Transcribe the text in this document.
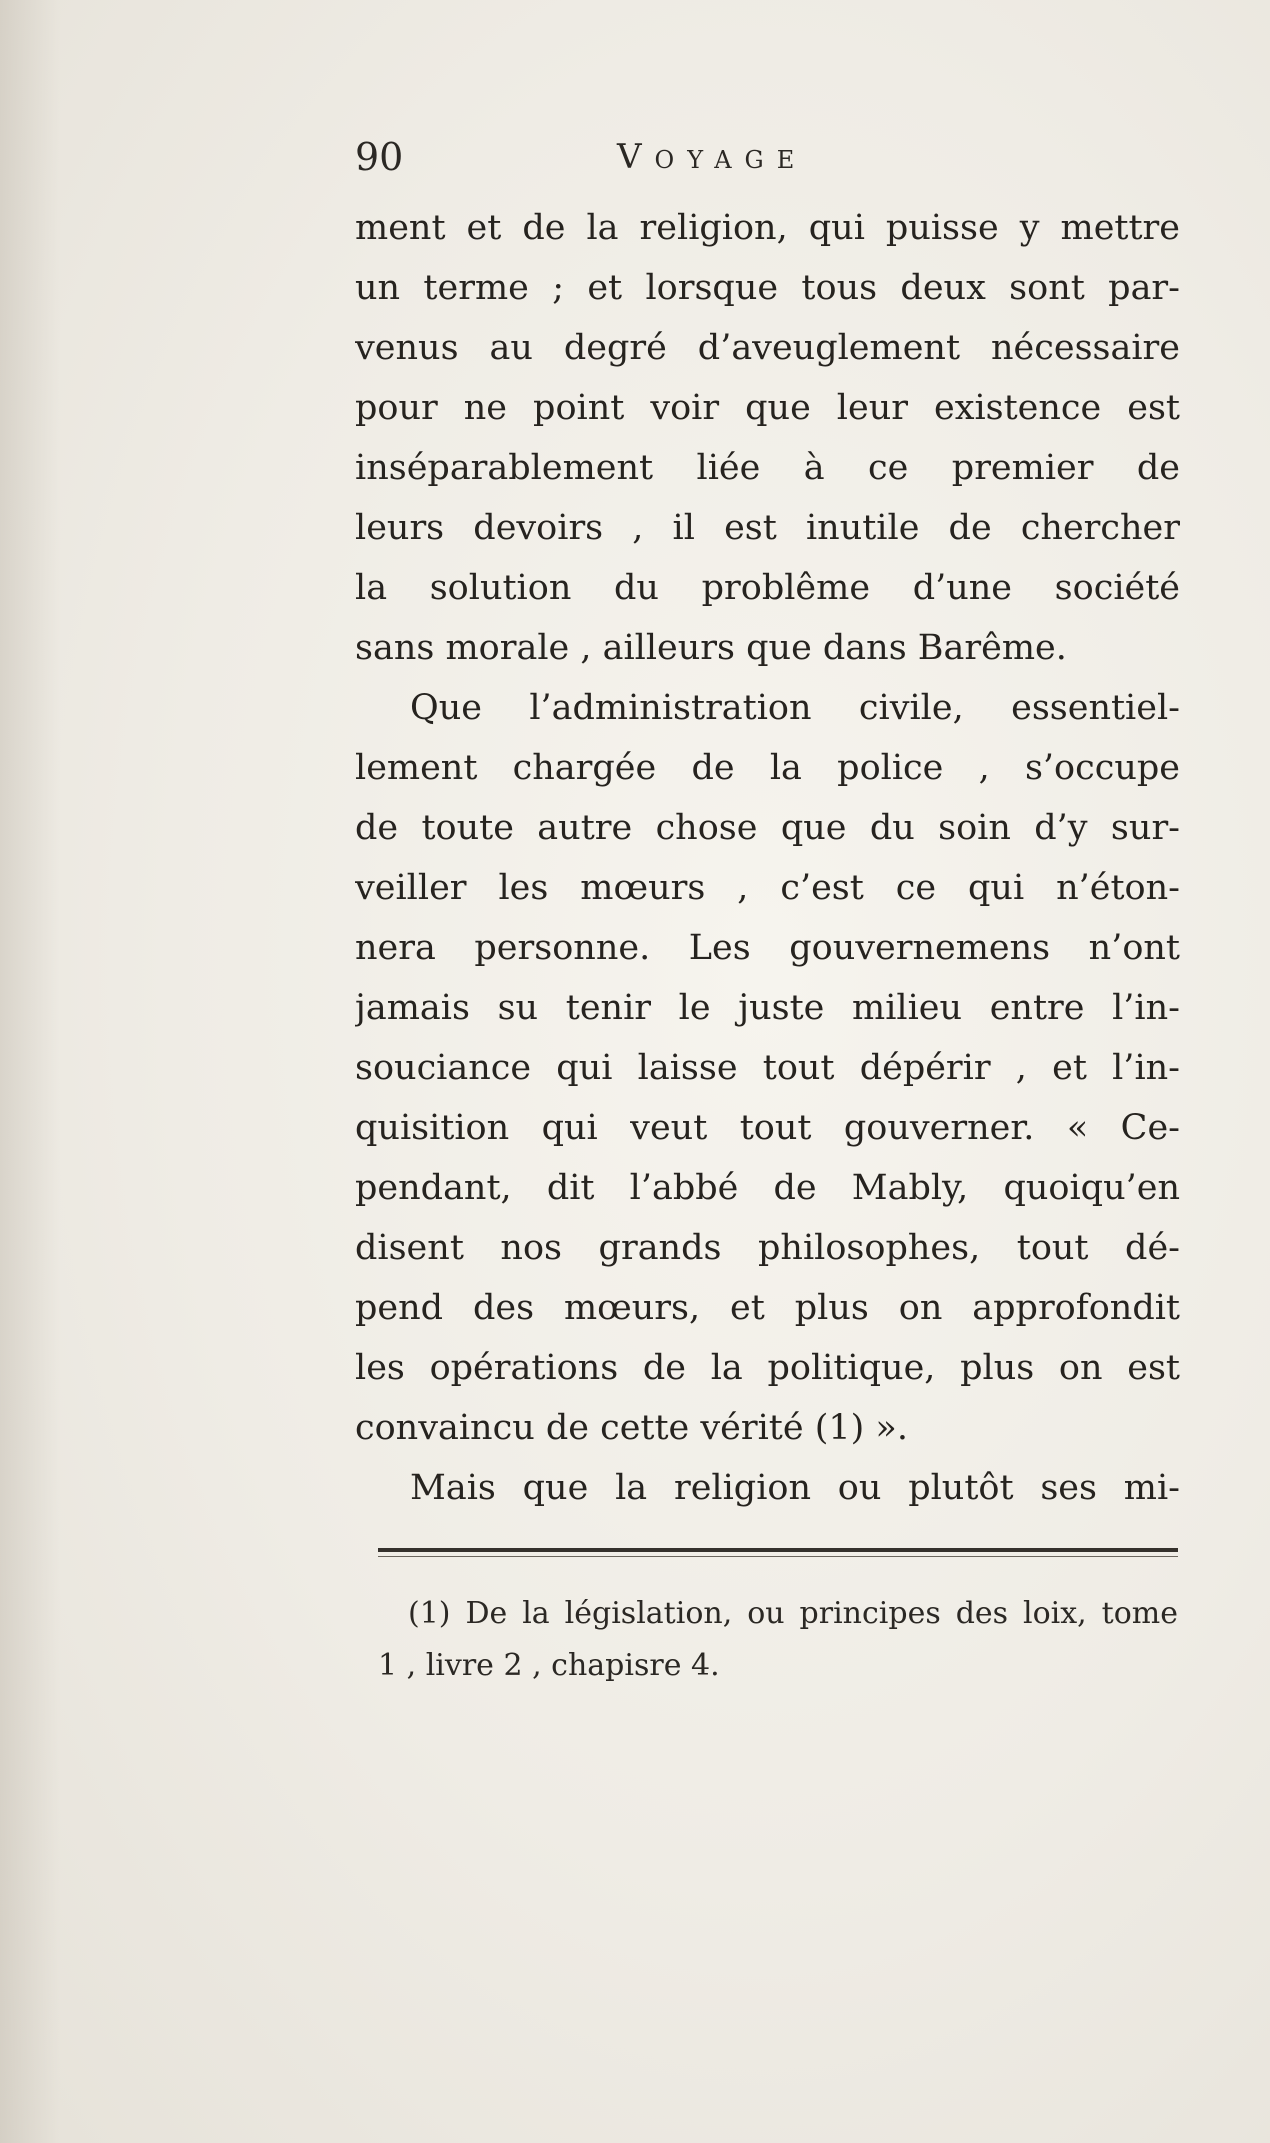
90	Voyage
ment et de la religion, qui puisse y mettre
un terme ; et lorsque tous deux sont par-
venus au degré d’aveuglement nécessaire
pour ne point voir que leur existence est
inséparablement liée à ce premier de
leurs devoirs , il est inutile de chercher
la solution du problême d’une société
sans morale , ailleurs que dans Barême.
Que l’administration civile, essentiel-
lement chargée de la police , s’occupe
de toute autre chose que du soin d’y sur-
veiller les mœurs , c’est ce qui n’éton-
nera personne. Les gouvernemens n’ont
jamais su tenir le juste milieu entre l’in-
souciance qui laisse tout dépérir , et l’in-
quisition qui veut tout gouverner. « Ce-
pendant, dit l’abbé de Mably, quoiqu’en
disent nos grands philosophes, tout dé-
pend des mœurs, et plus on approfondit
les opérations de la politique, plus on est
convaincu de cette vérité (1) ».
Mais que la religion ou plutôt ses mi-
(1) De la législation, ou principes des loix, tome
1 , livre 2 , chapisre 4.
